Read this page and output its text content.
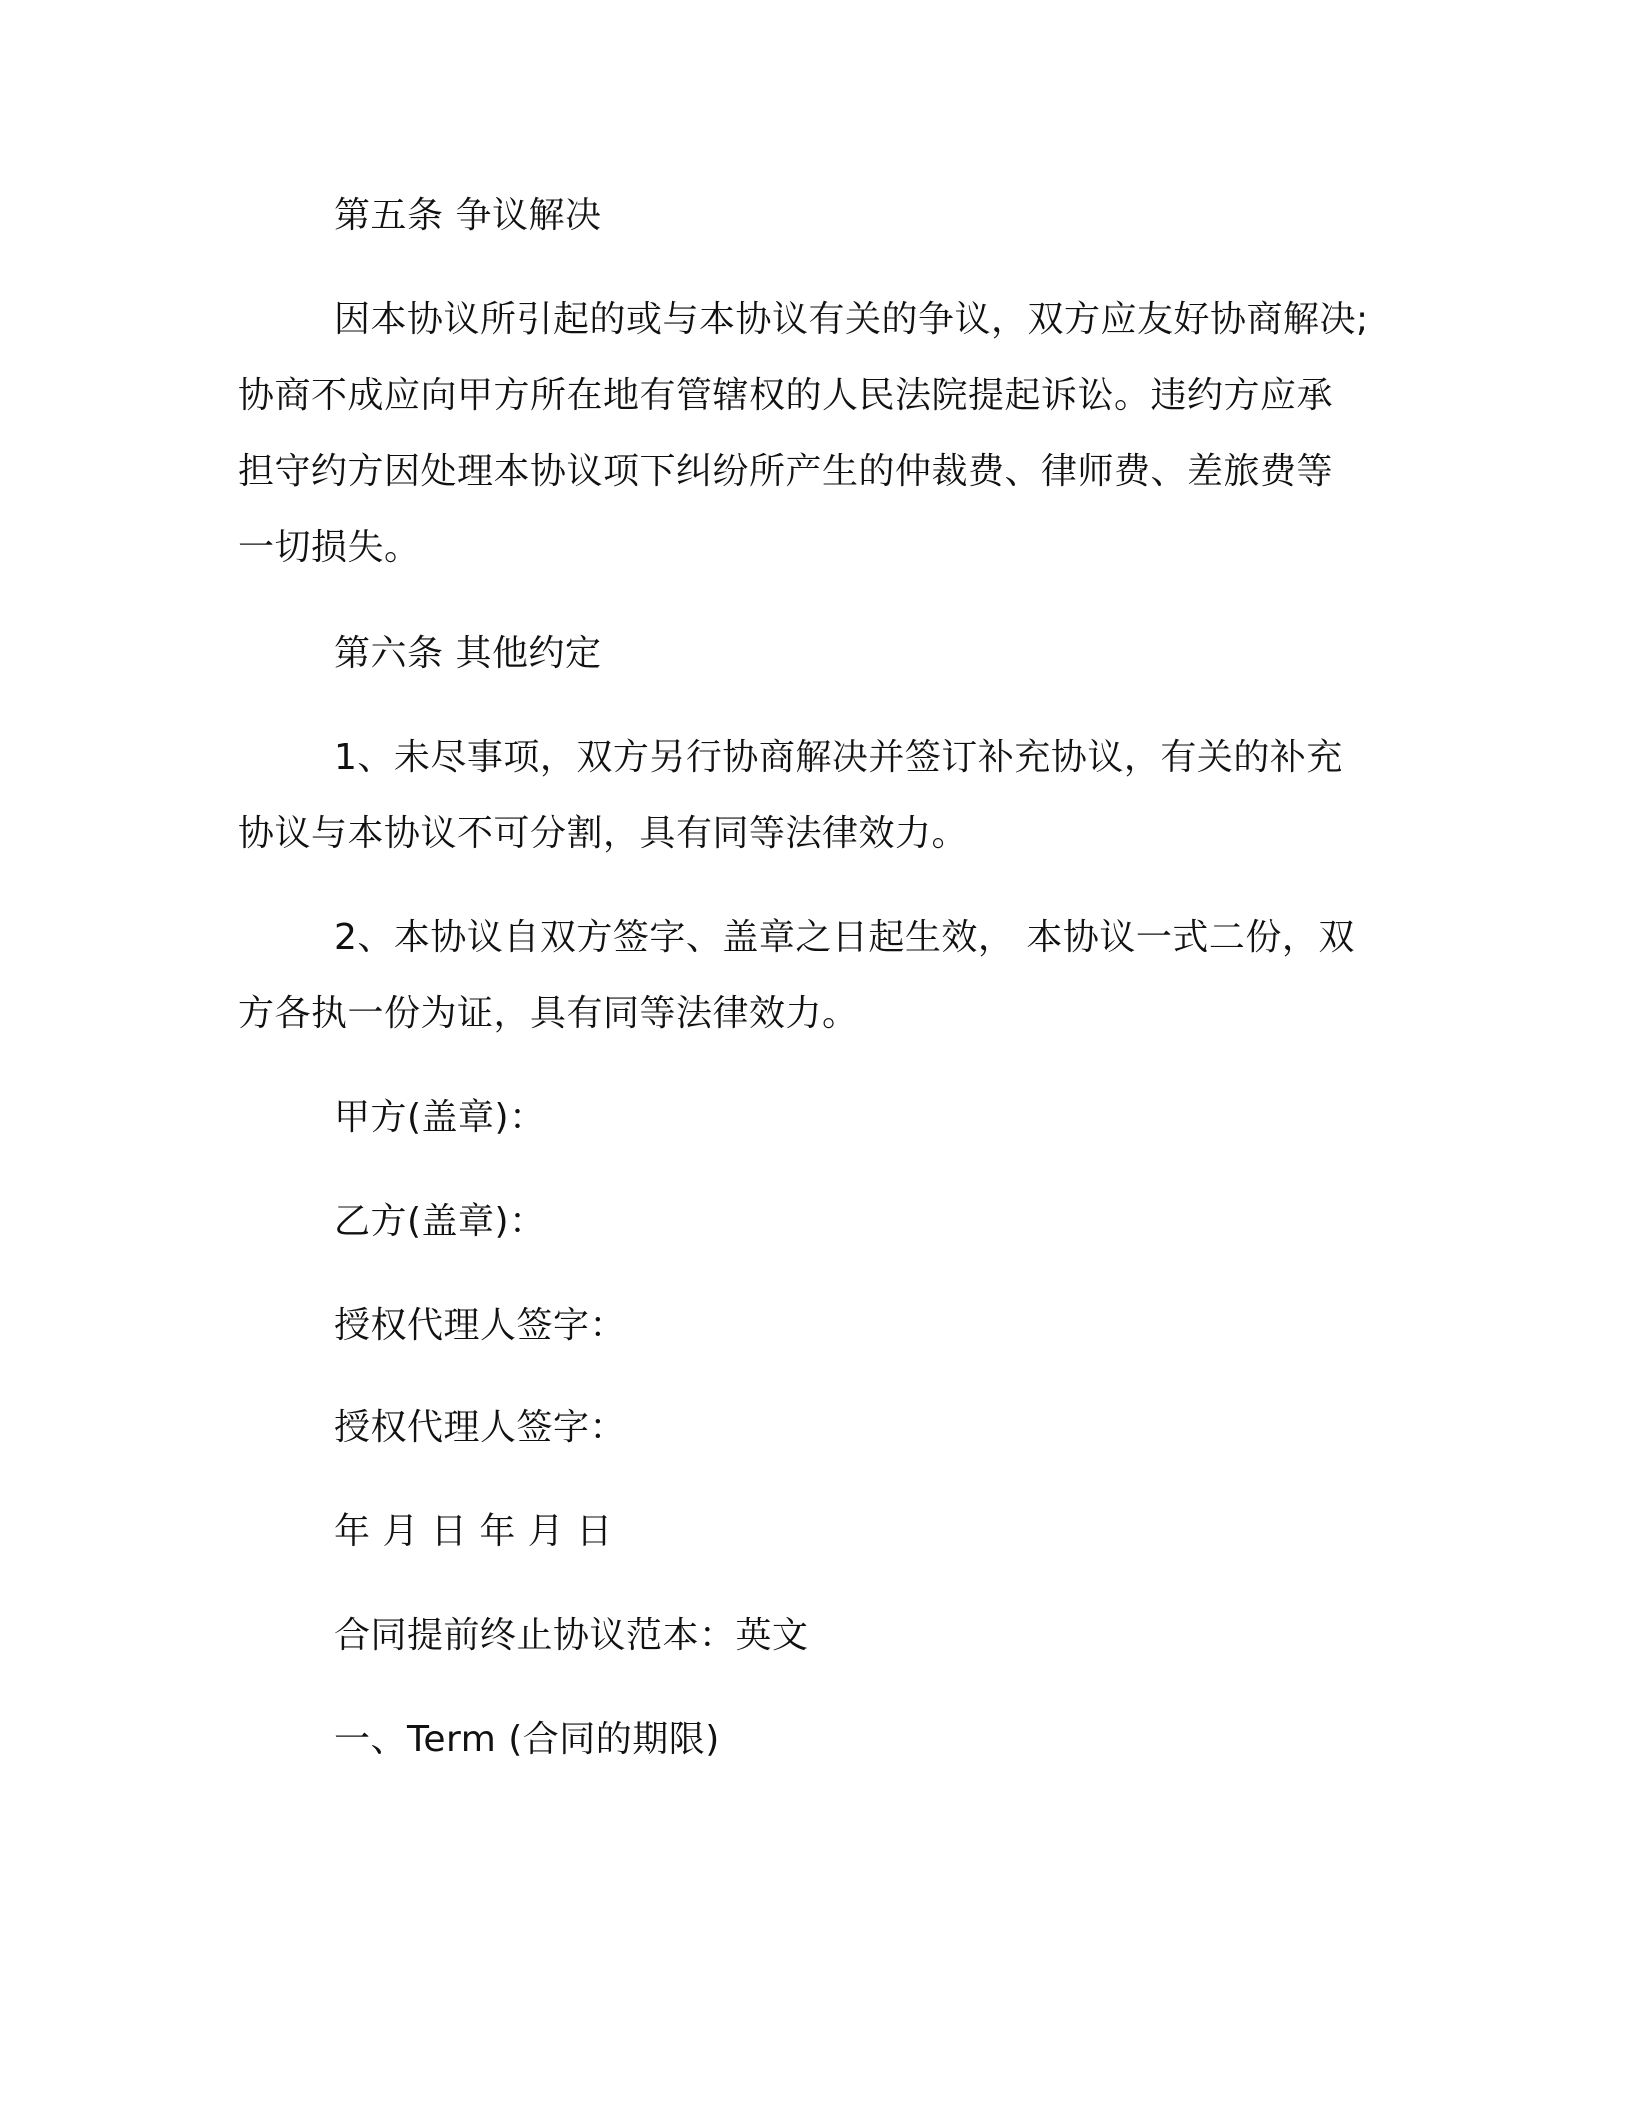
第五条 争议解决
因本协议所引起的或与本协议有关的争议，双方应友好协商解决;
协商不成应向甲方所在地有管辖权的人民法院提起诉讼。违约方应承
担守约方因处理本协议项下纠纷所产生的仲裁费、律师费、差旅费等
一切损失。
第六条 其他约定
1、未尽事项，双方另行协商解决并签订补充协议，有关的补充
协议与本协议不可分割，具有同等法律效力。
2、本协议自双方签字、盖章之日起生效， 本协议一式二份，双
方各执一份为证，具有同等法律效力。
甲方(盖章)：
乙方(盖章)：
授权代理人签字：
授权代理人签字：
年 月 日 年 月 日
合同提前终止协议范本：英文
一、Term (合同的期限)
